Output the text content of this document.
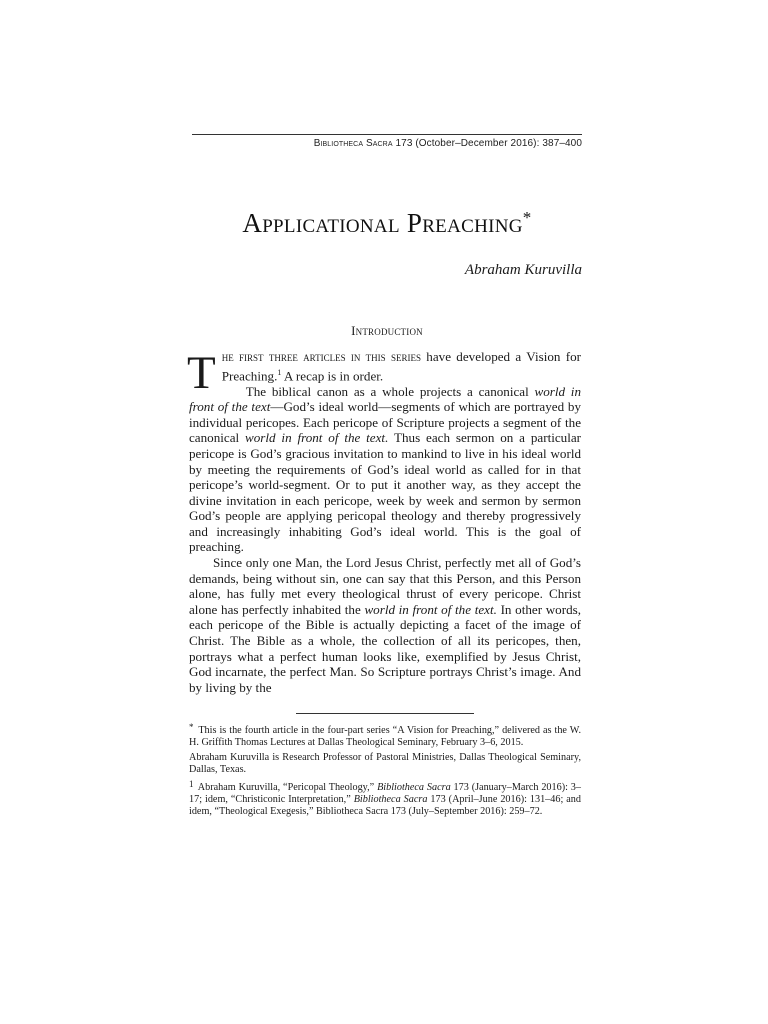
Bibliotheca Sacra 173 (October–December 2016): 387–400
Applicational Preaching*
Abraham Kuruvilla
Introduction

The first three articles in this series have developed a Vision for Preaching.$^1$ A recap is in order.

The biblical canon as a whole projects a canonical world in front of the text—God’s ideal world—segments of which are portrayed by individual pericopes. Each pericope of Scripture projects a segment of the canonical world in front of the text. Thus each sermon on a particular pericope is God’s gracious invitation to mankind to live in his ideal world by meeting the requirements of God’s ideal world as called for in that pericope’s world-segment. Or to put it another way, as they accept the divine invitation in each pericope, week by week and sermon by sermon God’s people are applying pericopal theology and thereby progressively and increasingly inhabiting God’s ideal world. This is the goal of preaching.

Since only one Man, the Lord Jesus Christ, perfectly met all of God’s demands, being without sin, one can say that this Person, and this Person alone, has fully met every theological thrust of every pericope. Christ alone has perfectly inhabited the world in front of the text. In other words, each pericope of the Bible is actually depicting a facet of the image of Christ. The Bible as a whole, the collection of all its pericopes, then, portrays what a perfect human looks like, exemplified by Jesus Christ, God incarnate, the perfect Man. So Scripture portrays Christ’s image. And by living by the

* This is the fourth article in the four-part series “A Vision for Preaching,” delivered as the W. H. Griffith Thomas Lectures at Dallas Theological Seminary, February 3–6, 2015.

Abraham Kuruvilla is Research Professor of Pastoral Ministries, Dallas Theological Seminary, Dallas, Texas.

1 Abraham Kuruvilla, “Pericopal Theology,” Bibliotheca Sacra 173 (January–March 2016): 3–17; idem, “Christiconic Interpretation,” Bibliotheca Sacra 173 (April–June 2016): 131–46; and idem, “Theological Exegesis,” Bibliotheca Sacra 173 (July–September 2016): 259–72.
